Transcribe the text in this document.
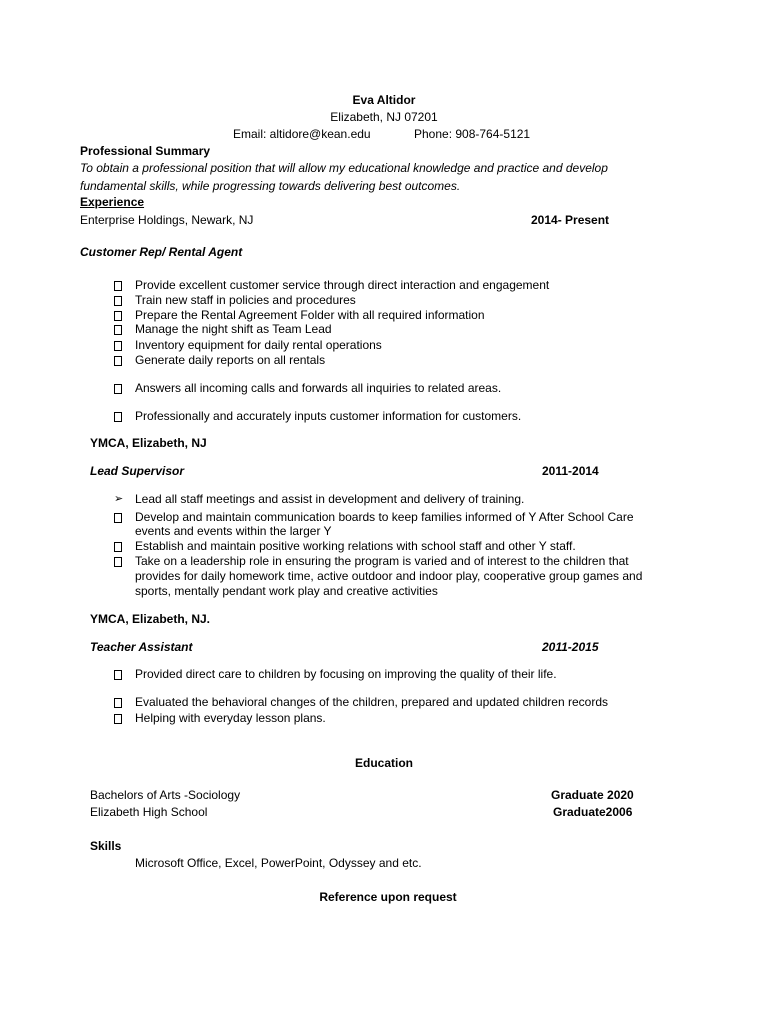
Eva Altidor
Elizabeth, NJ 07201
Email: altidore@kean.edu	Phone: 908-764-5121
Professional Summary
To obtain a professional position that will allow my educational knowledge and practice and develop
fundamental skills, while progressing towards delivering best outcomes.
Experience
Enterprise Holdings, Newark, NJ	2014- Present
Customer Rep/ Rental Agent
Provide excellent customer service through direct interaction and engagement
Train new staff in policies and procedures
Prepare the Rental Agreement Folder with all required information
Manage the night shift as Team Lead
Inventory equipment for daily rental operations
Generate daily reports on all rentals
Answers all incoming calls and forwards all inquiries to related areas.
Professionally and accurately inputs customer information for customers.
YMCA, Elizabeth, NJ
Lead Supervisor	2011-2014
➢ Lead all staff meetings and assist in development and delivery of training.
Develop and maintain communication boards to keep families informed of Y After School Care
events and events within the larger Y
Establish and maintain positive working relations with school staff and other Y staff.
Take on a leadership role in ensuring the program is varied and of interest to the children that
provides for daily homework time, active outdoor and indoor play, cooperative group games and
sports, mentally pendant work play and creative activities
YMCA, Elizabeth, NJ.
Teacher Assistant	2011-2015
Provided direct care to children by focusing on improving the quality of their life.
Evaluated the behavioral changes of the children, prepared and updated children records
Helping with everyday lesson plans.
Education
Bachelors of Arts -Sociology	Graduate 2020
Elizabeth High School	Graduate2006
Skills
Microsoft Office, Excel, PowerPoint, Odyssey and etc.
Reference upon request
